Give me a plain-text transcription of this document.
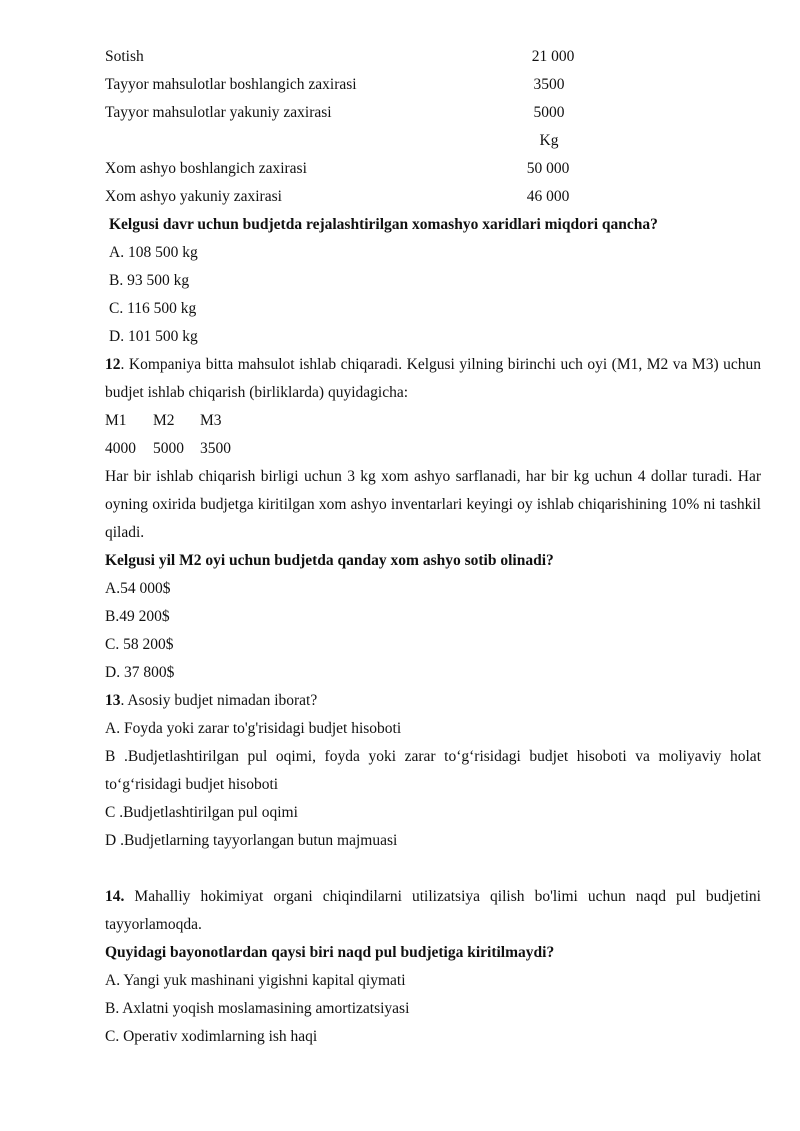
Sotish	21 000
Tayyor mahsulotlar boshlangich zaxirasi	3500
Tayyor mahsulotlar yakuniy zaxirasi	5000
Kg
Xom ashyo boshlangich zaxirasi	50 000
Xom ashyo yakuniy zaxirasi	46 000
Kelgusi davr uchun budjetda rejalashtirilgan xomashyo xaridlari miqdori qancha?
A. 108 500 kg
B. 93 500 kg
C. 116 500 kg
D. 101 500 kg
12. Kompaniya bitta mahsulot ishlab chiqaradi. Kelgusi yilning birinchi uch oyi (M1, M2 va M3) uchun budjet ishlab chiqarish (birliklarda) quyidagicha:
M1 M2 M3
4000 5000 3500
Har bir ishlab chiqarish birligi uchun 3 kg xom ashyo sarflanadi, har bir kg uchun 4 dollar turadi. Har oyning oxirida budjetga kiritilgan xom ashyo inventarlari keyingi oy ishlab chiqarishining 10% ni tashkil qiladi.
Kelgusi yil M2 oyi uchun budjetda qanday xom ashyo sotib olinadi?
A.54 000$
B.49 200$
C. 58 200$
D. 37 800$
13. Asosiy budjet nimadan iborat?
A. Foyda yoki zarar to'g'risidagi budjet hisoboti
B .Budjetlashtirilgan pul oqimi, foyda yoki zarar to‘g‘risidagi budjet hisoboti va moliyaviy holat to‘g‘risidagi budjet hisoboti
C .Budjetlashtirilgan pul oqimi
D .Budjetlarning tayyorlangan butun majmuasi
14. Mahalliy hokimiyat organi chiqindilarni utilizatsiya qilish bo'limi uchun naqd pul budjetini tayyorlamoqda.
Quyidagi bayonotlardan qaysi biri naqd pul budjetiga kiritilmaydi?
A. Yangi yuk mashinani yigishni kapital qiymati
B. Axlatni yoqish moslamasining amortizatsiyasi
C. Operativ xodimlarning ish haqi
